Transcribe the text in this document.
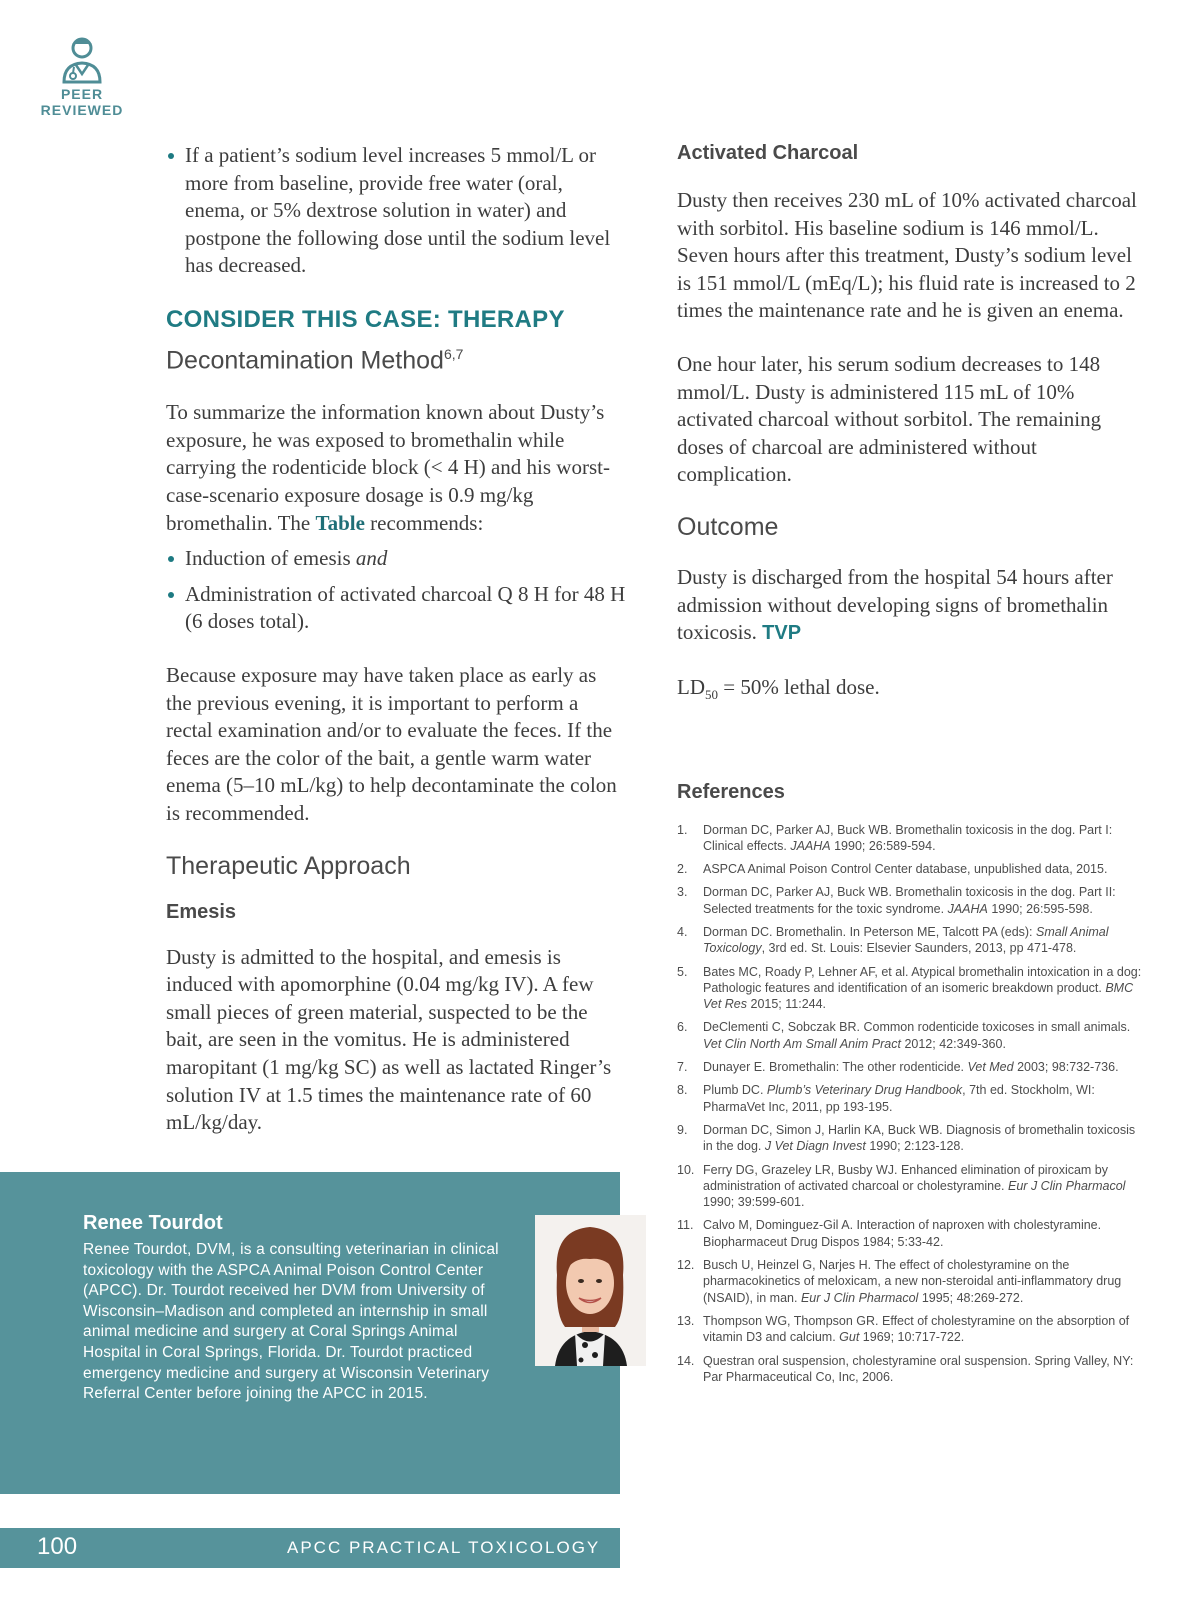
PEER
REVIEWED
If a patient’s sodium level increases 5 mmol/L or more from baseline, provide free water (oral, enema, or 5% dextrose solution in water) and postpone the following dose until the sodium level has decreased.
CONSIDER THIS CASE: THERAPY
Decontamination Method$^{6,7}$

To summarize the information known about Dusty’s exposure, he was exposed to bromethalin while carrying the rodenticide block (< 4 H) and his worst-case-scenario exposure dosage is 0.9 mg/kg bromethalin. The Table recommends:

Induction of emesis and
Administration of activated charcoal Q 8 H for 48 H (6 doses total).

Because exposure may have taken place as early as the previous evening, it is important to perform a rectal examination and/or to evaluate the feces. If the feces are the color of the bait, a gentle warm water enema (5–10 mL/kg) to help decontaminate the colon is recommended.

Therapeutic Approach
Emesis

Dusty is admitted to the hospital, and emesis is induced with apomorphine (0.04 mg/kg IV). A few small pieces of green material, suspected to be the bait, are seen in the vomitus. He is administered maropitant (1 mg/kg SC) as well as lactated Ringer’s solution IV at 1.5 times the maintenance rate of 60 mL/kg/day.

Activated Charcoal

Dusty then receives 230 mL of 10% activated charcoal with sorbitol. His baseline sodium is 146 mmol/L. Seven hours after this treatment, Dusty’s sodium level is 151 mmol/L (mEq/L); his fluid rate is increased to 2 times the maintenance rate and he is given an enema.

One hour later, his serum sodium decreases to 148 mmol/L. Dusty is administered 115 mL of 10% activated charcoal without sorbitol. The remaining doses of charcoal are administered without complication.

Outcome

Dusty is discharged from the hospital 54 hours after admission without developing signs of bromethalin toxicosis. TVP

$LD_{50} = 50\%$ lethal dose.

References
1. Dorman DC, Parker AJ, Buck WB. Bromethalin toxicosis in the dog. Part I: Clinical effects. JAAHA 1990; 26:589-594.
2. ASPCA Animal Poison Control Center database, unpublished data, 2015.
3. Dorman DC, Parker AJ, Buck WB. Bromethalin toxicosis in the dog. Part II: Selected treatments for the toxic syndrome. JAAHA 1990; 26:595-598.
4. Dorman DC. Bromethalin. In Peterson ME, Talcott PA (eds): Small Animal Toxicology, 3rd ed. St. Louis: Elsevier Saunders, 2013, pp 471-478.
5. Bates MC, Roady P, Lehner AF, et al. Atypical bromethalin intoxication in a dog: Pathologic features and identification of an isomeric breakdown product. BMC Vet Res 2015; 11:244.
6. DeClementi C, Sobczak BR. Common rodenticide toxicoses in small animals. Vet Clin North Am Small Anim Pract 2012; 42:349-360.
7. Dunayer E. Bromethalin: The other rodenticide. Vet Med 2003; 98:732-736.
8. Plumb DC. Plumb’s Veterinary Drug Handbook, 7th ed. Stockholm, WI: PharmaVet Inc, 2011, pp 193-195.
9. Dorman DC, Simon J, Harlin KA, Buck WB. Diagnosis of bromethalin toxicosis in the dog. J Vet Diagn Invest 1990; 2:123-128.
10. Ferry DG, Grazeley LR, Busby WJ. Enhanced elimination of piroxicam by administration of activated charcoal or cholestyramine. Eur J Clin Pharmacol 1990; 39:599-601.
11. Calvo M, Dominguez-Gil A. Interaction of naproxen with cholestyramine. Biopharmaceut Drug Dispos 1984; 5:33-42.
12. Busch U, Heinzel G, Narjes H. The effect of cholestyramine on the pharmacokinetics of meloxicam, a new non-steroidal anti-inflammatory drug (NSAID), in man. Eur J Clin Pharmacol 1995; 48:269-272.
13. Thompson WG, Thompson GR. Effect of cholestyramine on the absorption of vitamin D3 and calcium. Gut 1969; 10:717-722.
14. Questran oral suspension, cholestyramine oral suspension. Spring Valley, NY: Par Pharmaceutical Co, Inc, 2006.
Renee Tourdot

Renee Tourdot, DVM, is a consulting veterinarian in clinical toxicology with the ASPCA Animal Poison Control Center (APCC). Dr. Tourdot received her DVM from University of Wisconsin–Madison and completed an internship in small animal medicine and surgery at Coral Springs Animal Hospital in Coral Springs, Florida. Dr. Tourdot practiced emergency medicine and surgery at Wisconsin Veterinary Referral Center before joining the APCC in 2015.

100	APCC PRACTICAL TOXICOLOGY
